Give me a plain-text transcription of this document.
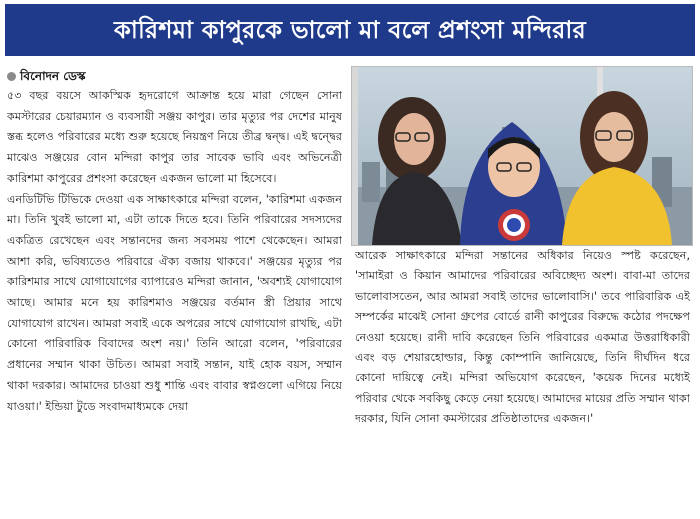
কারিশমা কাপুরকে ভালো মা বলে প্রশংসা মন্দিরার
বিনোদন ডেস্ক

৫৩ বছর বয়সে আকস্মিক হৃদরোগে আক্রান্ত হয়ে মারা গেছেন সোনা কমস্টারের চেয়ারম্যান ও ব্যবসায়ী সঞ্জয় কাপুর। তার মৃত্যুর পর দেশের মানুষ স্তব্ধ হলেও পরিবারের মধ্যে শুরু হয়েছে নিয়ন্ত্রণ নিয়ে তীব্র দ্বন্দ্ব। এই দ্বন্দ্বের মাঝেও সঞ্জয়ের বোন মন্দিরা কাপুর তার সাবেক ভাবি এবং অভিনেত্রী কারিশমা কাপুরের প্রশংসা করেছেন একজন ভালো মা হিসেবে।

এনডিটিভি টিভিকে দেওয়া এক সাক্ষাৎকারে মন্দিরা বলেন, 'কারিশমা একজন মা। তিনি খুবই ভালো মা, এটা তাকে দিতে হবে। তিনি পরিবারের সদস্যদের একত্রিত রেখেছেন এবং সন্তানদের জন্য সবসময় পাশে থেকেছেন। আমরা আশা করি, ভবিষ্যতেও পরিবারে ঐক্য বজায় থাকবে।' সঞ্জয়ের মৃত্যুর পর কারিশমার সাথে যোগাযোগের ব্যাপারেও মন্দিরা জানান, 'অবশ্যই যোগাযোগ আছে। আমার মনে হয় কারিশমাও সঞ্জয়ের বর্তমান স্ত্রী প্রিয়ার সাথে যোগাযোগ রাখেন। আমরা সবাই একে অপরের সাথে যোগাযোগ রাখছি, এটা কোনো পারিবারিক বিবাদের অংশ নয়।' তিনি আরো বলেন, 'পরিবারের প্রধানের সম্মান থাকা উচিত। আমরা সবাই সন্তান, যাই হোক বয়স, সম্মান থাকা দরকার। আমাদের চাওয়া শুধু শান্তি এবং বাবার স্বপ্নগুলো এগিয়ে নিয়ে যাওয়া।' ইন্ডিয়া টুডে সংবাদমাধ্যমকে দেয়া

আরেক সাক্ষাৎকারে মন্দিরা সন্তানের অধিকার নিয়েও স্পষ্ট করেছেন, 'সামাইরা ও কিয়ান আমাদের পরিবারের অবিচ্ছেদ্য অংশ। বাবা-মা তাদের ভালোবাসতেন, আর আমরা সবাই তাদের ভালোবাসি।' তবে পারিবারিক এই সম্পর্কের মাঝেই সোনা গ্রুপের বোর্ডে রানী কাপুরের বিরুদ্ধে কঠোর পদক্ষেপ নেওয়া হয়েছে। রানী দাবি করেছেন তিনি পরিবারের একমাত্র উত্তরাধিকারী এবং বড় শেয়ারহোল্ডার, কিন্তু কোম্পানি জানিয়েছে, তিনি দীর্ঘদিন ধরে কোনো দায়িত্বে নেই। মন্দিরা অভিযোগ করেছেন, 'কয়েক দিনের মধ্যেই পরিবার থেকে সবকিছু কেড়ে নেয়া হয়েছে। আমাদের মায়ের প্রতি সম্মান থাকা দরকার, যিনি সোনা কমস্টারের প্রতিষ্ঠাতাদের একজন।'
